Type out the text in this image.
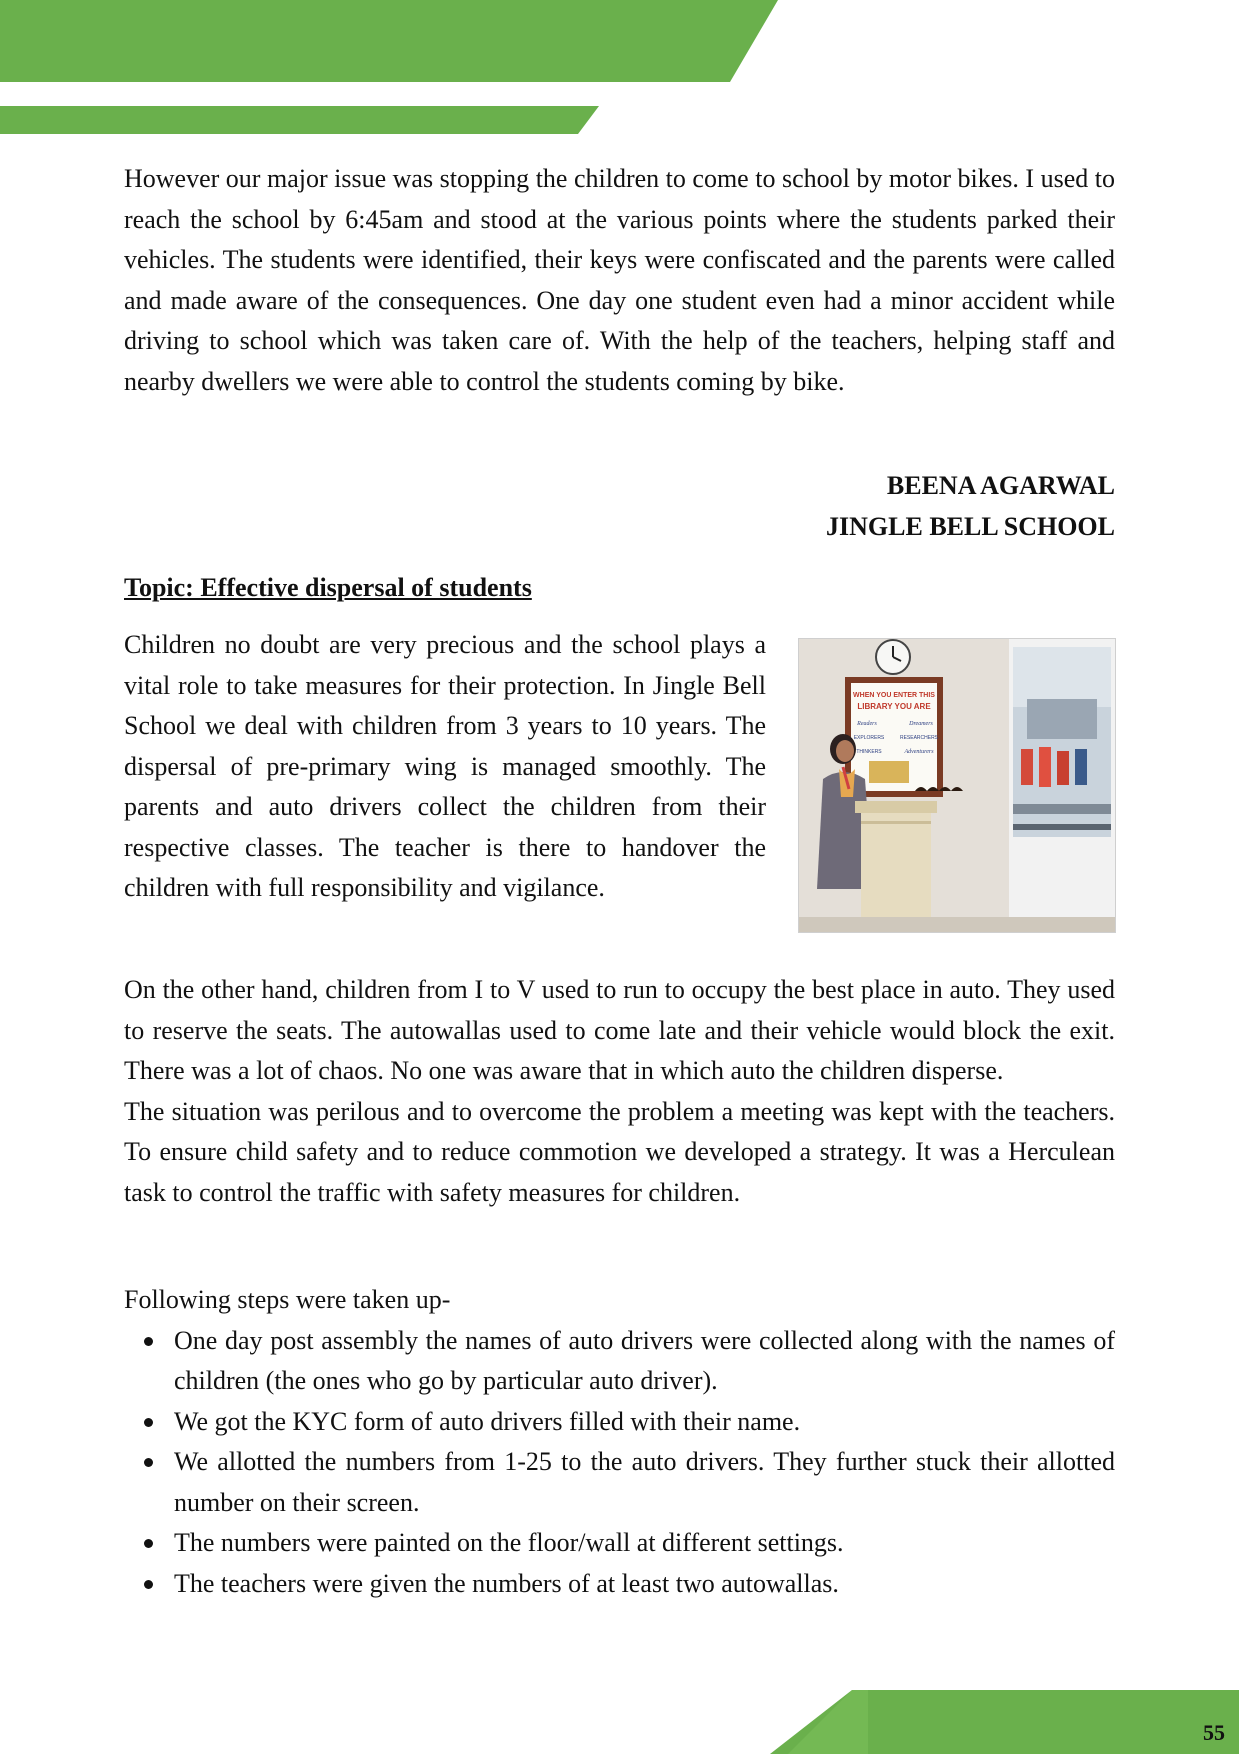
However our major issue was stopping the children to come to school by motor bikes. I used to reach the school by 6:45am and stood at the various points where the students parked their vehicles. The students were identified, their keys were confiscated and the parents were called and made aware of the consequences. One day one student even had a minor accident while driving to school which was taken care of. With the help of the teachers, helping staff and nearby dwellers we were able to control the students coming by bike.

BEENA AGARWAL
JINGLE BELL SCHOOL
Topic: Effective dispersal of students

Children no doubt are very precious and the school plays a vital role to take measures for their protection. In Jingle Bell School we deal with children from 3 years to 10 years. The dispersal of pre-primary wing is managed smoothly. The parents and auto drivers collect the children from their respective classes. The teacher is there to handover the children with full responsibility and vigilance.

WHEN YOU ENTER THIS
LIBRARY YOU ARE
Readers	Dreamers
EXPLORERS	RESEARCHERS
THINKERS	Adventurers

On the other hand, children from I to V used to run to occupy the best place in auto. They used to reserve the seats. The autowallas used to come late and their vehicle would block the exit. There was a lot of chaos. No one was aware that in which auto the children disperse.

The situation was perilous and to overcome the problem a meeting was kept with the teachers. To ensure child safety and to reduce commotion we developed a strategy. It was a Herculean task to control the traffic with safety measures for children.

Following steps were taken up-

One day post assembly the names of auto drivers were collected along with the names of children (the ones who go by particular auto driver).
We got the KYC form of auto drivers filled with their name.
We allotted the numbers from 1-25 to the auto drivers. They further stuck their allotted number on their screen.
The numbers were painted on the floor/wall at different settings.
The teachers were given the numbers of at least two autowallas.
55
